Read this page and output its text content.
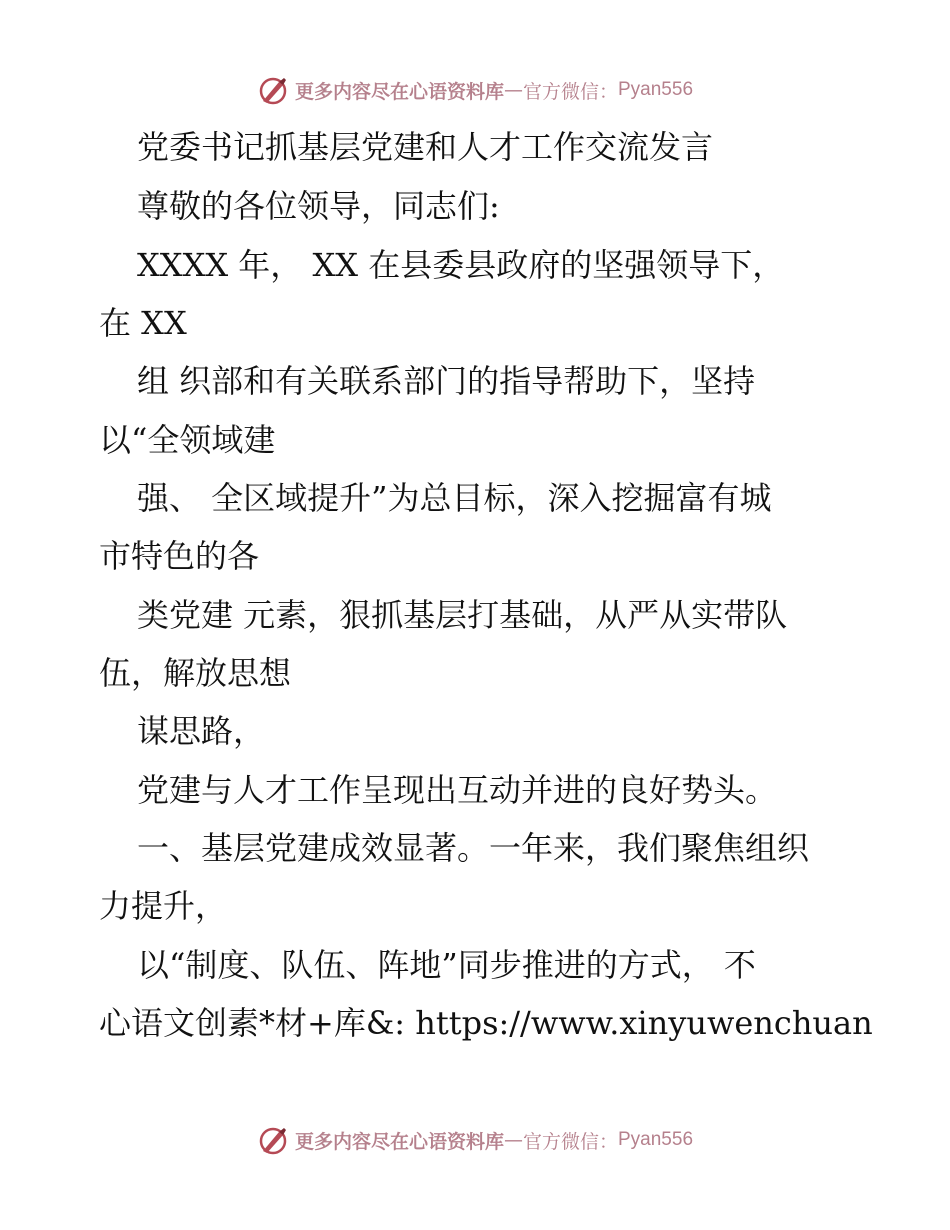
更多内容尽在心语资料库 — 官方微信： Pyan556
党委书记抓基层党建和人才工作交流发言
尊敬的各位领导，同志们:
XXXX 年， XX 在县委县政府的坚强领导下，
在 XX
组 织部和有关联系部门的指导帮助下，坚持
以“全领域建
强、 全区域提升”为总目标，深入挖掘富有城
市特色的各
类党建 元素，狠抓基层打基础，从严从实带队
伍，解放思想
谋思路，
党建与人才工作呈现出互动并进的良好势头。
一、基层党建成效显著。一年来，我们聚焦组织
力提升，
以“制度、队伍、阵地”同步推进的方式， 不
心语文创素*材+库&: https://www.xinyuwenchuan
更多内容尽在心语资料库 — 官方微信： Pyan556
